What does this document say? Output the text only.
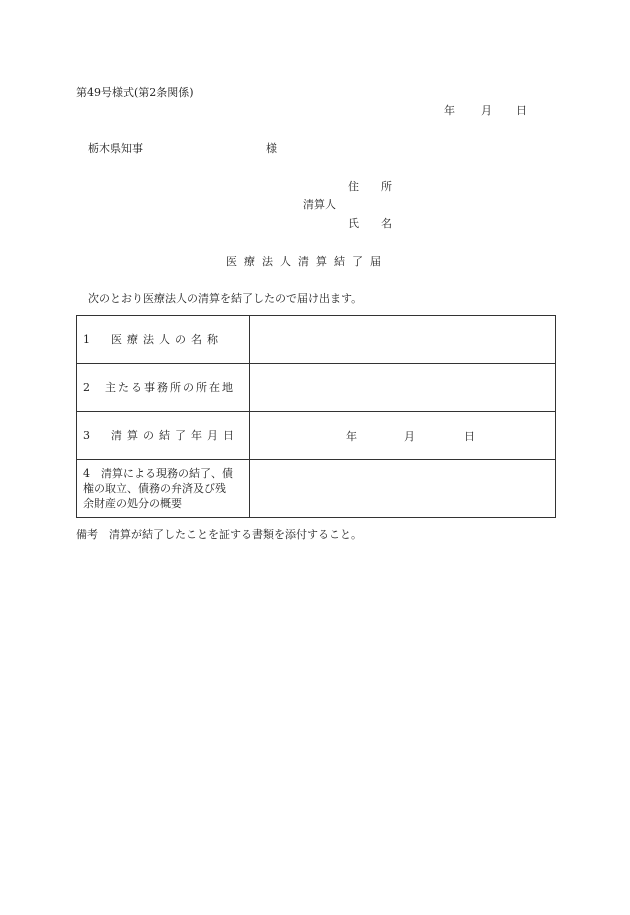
第49号様式(第2条関係)
年 月 日
栃木県知事	様
住　　所
清算人
氏　　名
医療法人清算結了届
次のとおり医療法人の清算を結了したので届け出ます。
1　医療法人の名称	
2　主たる事務所の所在地	
3　清算の結了年月日	年 月 日

4　清算による現務の結了、債
権の取立、債務の弁済及び残
余財産の処分の概要	

備考　清算が結了したことを証する書類を添付すること。
